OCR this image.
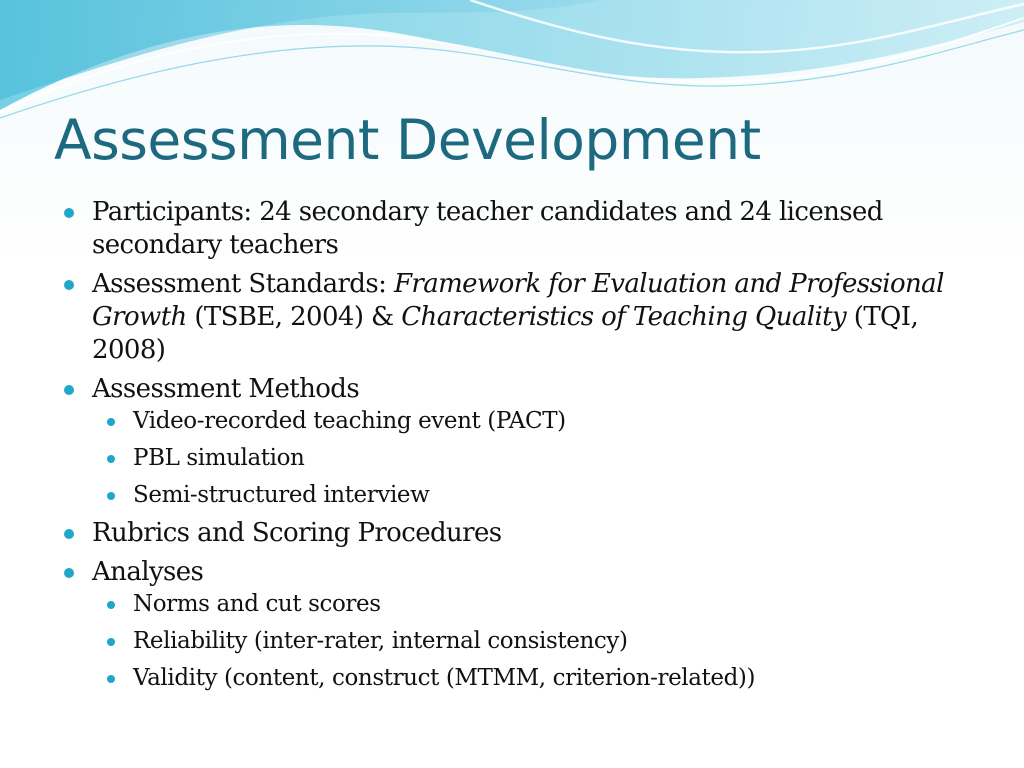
Assessment Development
Participants: 24 secondary teacher candidates and 24 licensed secondary teachers
Assessment Standards: Framework for Evaluation and Professional Growth (TSBE, 2004) & Characteristics of Teaching Quality (TQI, 2008)
Assessment Methods
Video-recorded teaching event (PACT)
PBL simulation
Semi-structured interview
Rubrics and Scoring Procedures
Analyses
Norms and cut scores
Reliability (inter-rater, internal consistency)
Validity (content, construct (MTMM, criterion-related))
